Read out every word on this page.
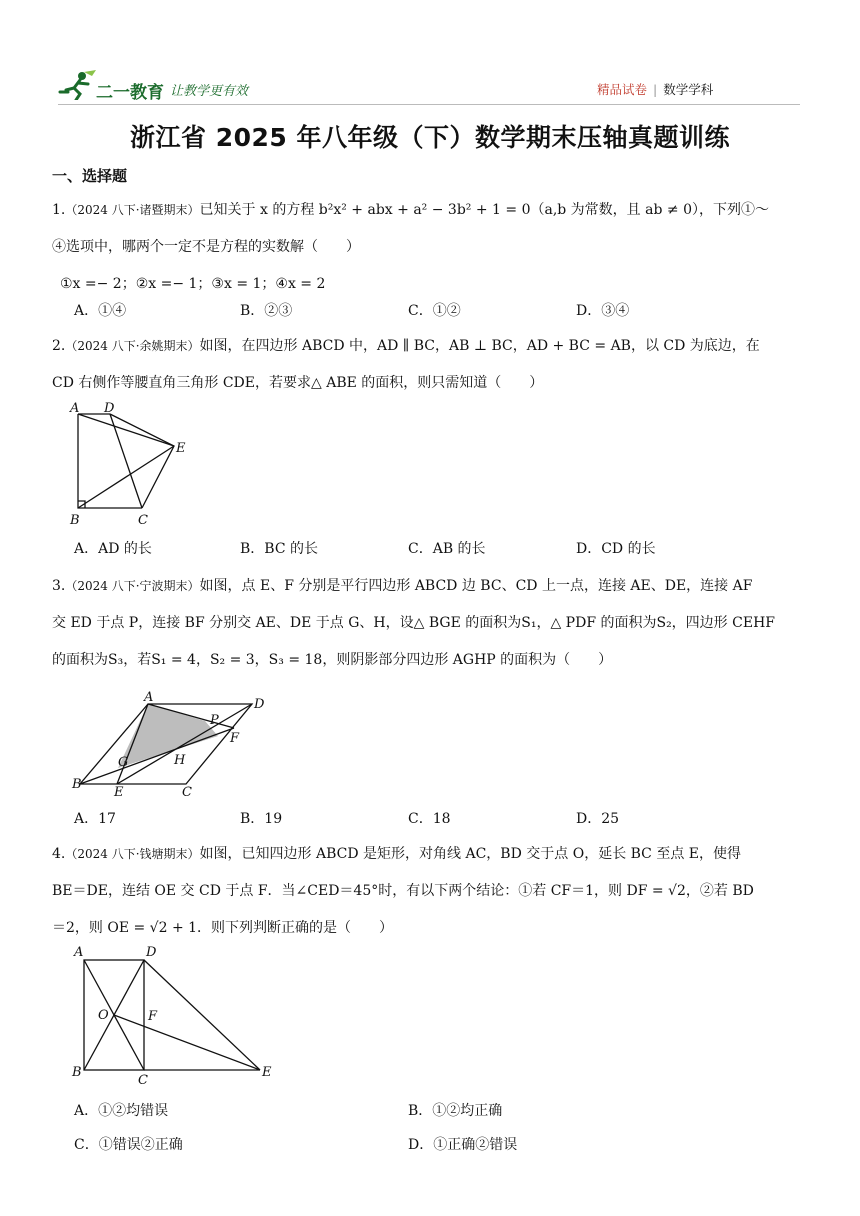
二一教育 让教学更有效	精品试卷 | 数学学科
浙江省 2025 年八年级（下）数学期末压轴真题训练
一、选择题

1.（2024 八下·诸暨期末）已知关于 x 的方程 b²x² + abx + a² − 3b² + 1 = 0（a,b 为常数，且 ab ≠ 0），下列①～

④选项中，哪两个一定不是方程的实数解（　　）

①x =− 2；②x =− 1；③x = 1；④x = 2

A．①④	B．②③	C．①②	D．③④

2.（2024 八下·余姚期末）如图，在四边形 ABCD 中，AD ∥ BC，AB ⊥ BC，AD + BC = AB，以 CD 为底边，在

CD 右侧作等腰直角三角形 CDE，若要求△ ABE 的面积，则只需知道（　　）

A D
E
B	C
A．AD 的长	B．BC 的长	C．AB 的长	D．CD 的长

3.（2024 八下·宁波期末）如图，点 E、F 分别是平行四边形 ABCD 边 BC、CD 上一点，连接 AE、DE，连接 AF

交 ED 于点 P，连接 BF 分别交 AE、DE 于点 G、H，设△ BGE 的面积为S₁，△ PDF 的面积为S₂，四边形 CEHF

的面积为S₃，若S₁ = 4，S₂ = 3，S₃ = 18，则阴影部分四边形 AGHP 的面积为（　　）

A	D
P
F
G	H
B
E	C
A．17	B．19	C．18	D．25

4.（2024 八下·钱塘期末）如图，已知四边形 ABCD 是矩形，对角线 AC，BD 交于点 O，延长 BC 至点 E，使得

BE＝DE，连结 OE 交 CD 于点 F．当∠CED＝45°时，有以下两个结论：①若 CF＝1，则 DF = √2，②若 BD

＝2，则 OE = √2 + 1．则下列判断正确的是（　　）

A	D
O	F
B
C
E
A．①②均错误	B．①②均正确
C．①错误②正确	D．①正确②错误
